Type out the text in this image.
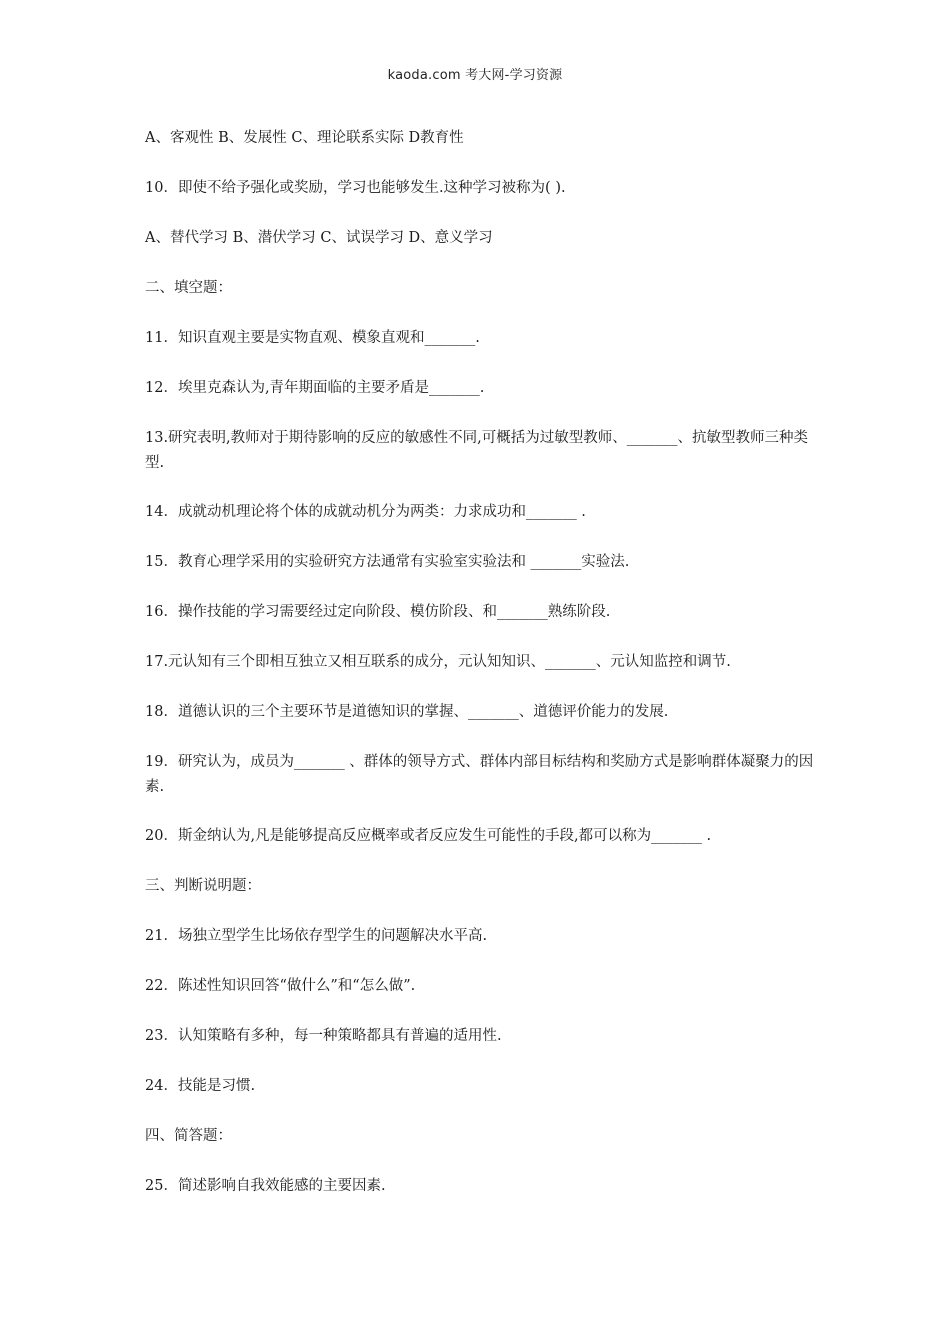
kaoda.com 考大网-学习资源

A、客观性 B、发展性 C、理论联系实际 D教育性

10．即使不给予强化或奖励，学习也能够发生.这种学习被称为( ).

A、替代学习 B、潜伏学习 C、试误学习 D、意义学习

二、填空题：

11．知识直观主要是实物直观、模象直观和_______.

12．埃里克森认为,青年期面临的主要矛盾是_______.

13.研究表明,教师对于期待影响的反应的敏感性不同,可概括为过敏型教师、_______、抗敏型教师三种类型.

14．成就动机理论将个体的成就动机分为两类：力求成功和_______ .

15．教育心理学采用的实验研究方法通常有实验室实验法和 _______实验法.

16．操作技能的学习需要经过定向阶段、模仿阶段、和_______熟练阶段.

17.元认知有三个即相互独立又相互联系的成分，元认知知识、_______、元认知监控和调节.

18．道德认识的三个主要环节是道德知识的掌握、_______、道德评价能力的发展.

19．研究认为，成员为_______ 、群体的领导方式、群体内部目标结构和奖励方式是影响群体凝聚力的因素.

20．斯金纳认为,凡是能够提高反应概率或者反应发生可能性的手段,都可以称为_______ .

三、判断说明题：

21．场独立型学生比场依存型学生的问题解决水平高.

22．陈述性知识回答“做什么”和“怎么做”.

23．认知策略有多种，每一种策略都具有普遍的适用性.

24．技能是习惯.

四、简答题：

25．简述影响自我效能感的主要因素.
